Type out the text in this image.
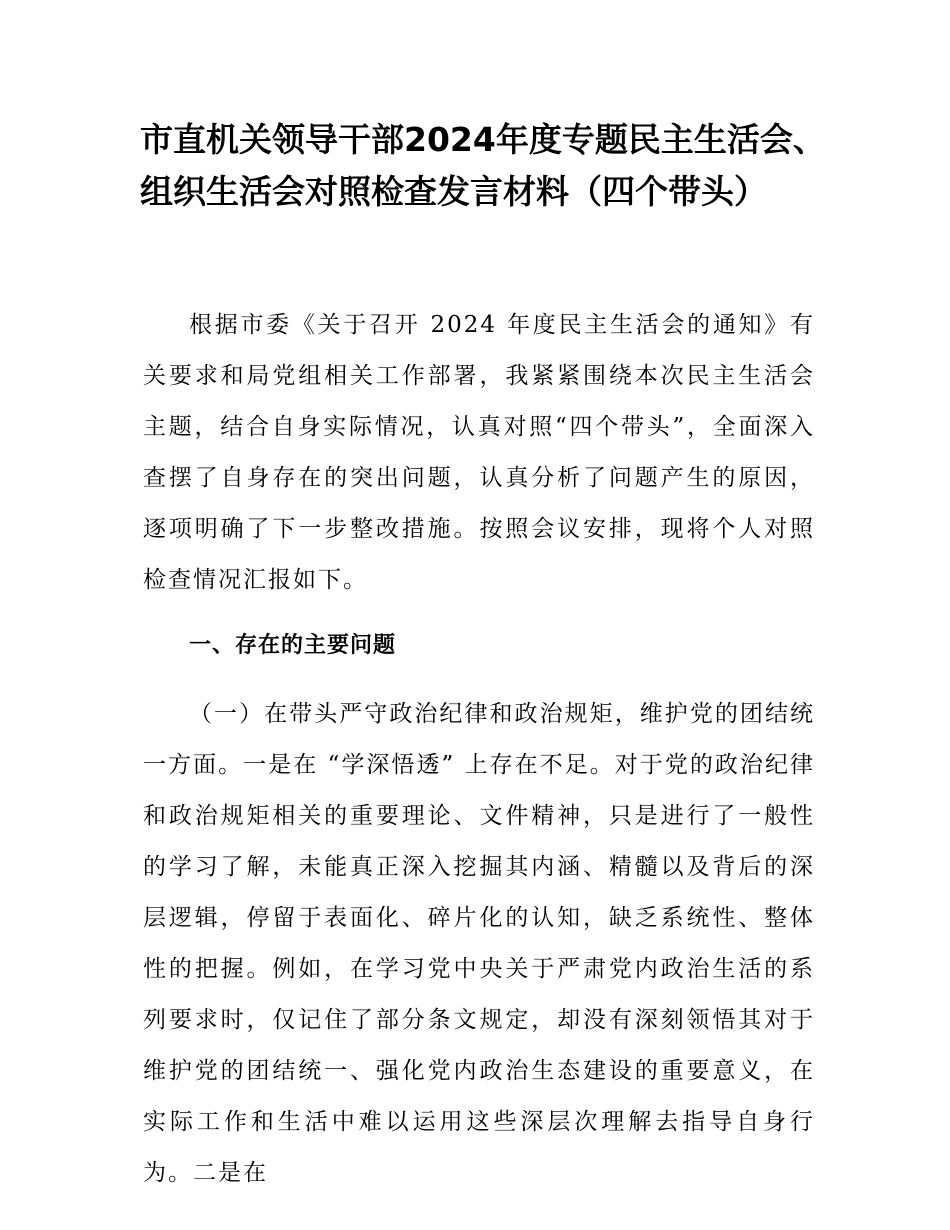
市直机关领导干部2024年度专题民主生活会、
组织生活会对照检查发言材料（四个带头）

根据市委《关于召开 2024 年度民主生活会的通知》有关要求和局党组相关工作部署，我紧紧围绕本次民主生活会主题，结合自身实际情况，认真对照“四个带头”，全面深入查摆了自身存在的突出问题，认真分析了问题产生的原因，逐项明确了下一步整改措施。按照会议安排，现将个人对照检查情况汇报如下。

一、存在的主要问题

（一）在带头严守政治纪律和政治规矩，维护党的团结统一方面。一是在 “学深悟透” 上存在不足。对于党的政治纪律和政治规矩相关的重要理论、文件精神，只是进行了一般性的学习了解，未能真正深入挖掘其内涵、精髓以及背后的深层逻辑，停留于表面化、碎片化的认知，缺乏系统性、整体性的把握。例如，在学习党中央关于严肃党内政治生活的系列要求时，仅记住了部分条文规定，却没有深刻领悟其对于维护党的团结统一、强化党内政治生态建设的重要意义，在实际工作和生活中难以运用这些深层次理解去指导自身行为。二是在
